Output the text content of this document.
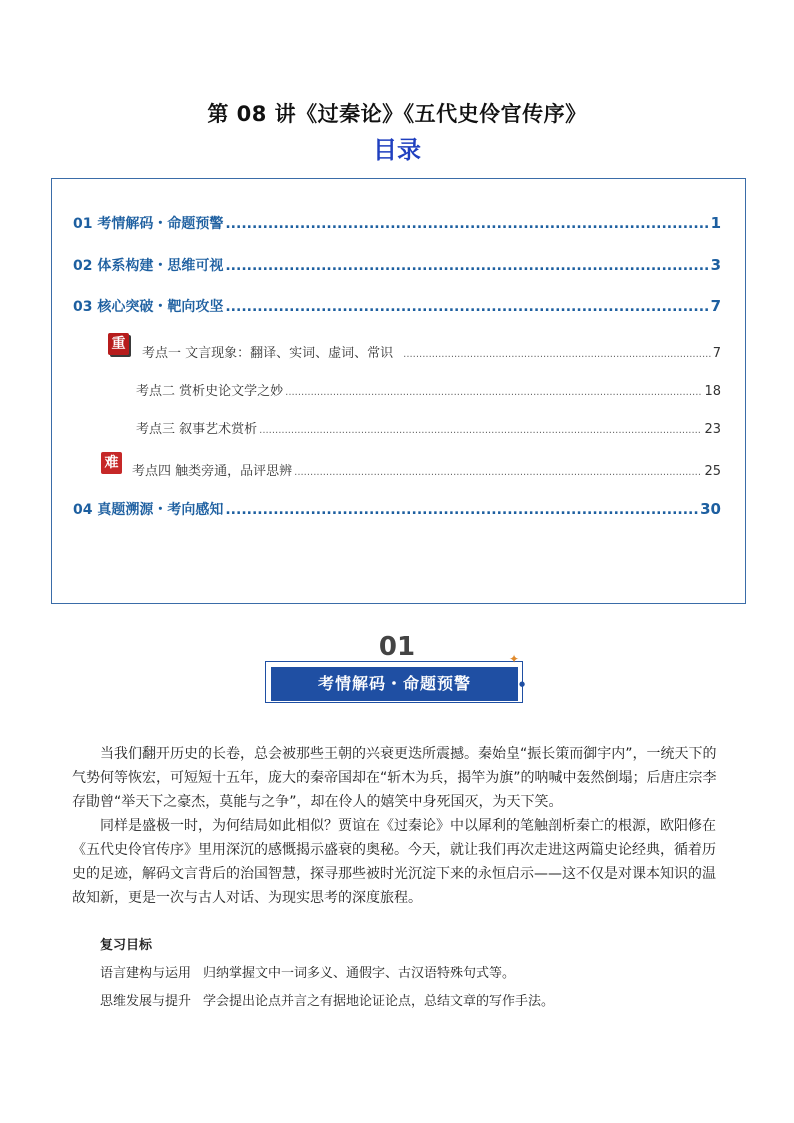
第 08 讲《过秦论》《五代史伶官传序》
目录
01 考情解码・命题预警 .....	1
02 体系构建・思维可视 .....	3
03 核心突破・靶向攻坚 .....	7
重
考点一 文言现象：翻译、实词、虚词、常识 .....	7
考点二 赏析史论文学之妙 .....	18
考点三 叙事艺术赏析 .....	23
难
考点四 触类旁通，品评思辨 .....	25
04 真题溯源・考向感知 .....	30
01
考情解码・命题预警
✦
●

当我们翻开历史的长卷，总会被那些王朝的兴衰更迭所震撼。秦始皇“振长策而御宇内”，一统天下的气势何等恢宏，可短短十五年，庞大的秦帝国却在“斩木为兵，揭竿为旗”的呐喊中轰然倒塌；后唐庄宗李存勖曾“举天下之豪杰，莫能与之争”，却在伶人的嬉笑中身死国灭，为天下笑。

同样是盛极一时，为何结局如此相似？贾谊在《过秦论》中以犀利的笔触剖析秦亡的根源，欧阳修在《五代史伶官传序》里用深沉的感慨揭示盛衰的奥秘。今天，就让我们再次走进这两篇史论经典，循着历史的足迹，解码文言背后的治国智慧，探寻那些被时光沉淀下来的永恒启示——这不仅是对课本知识的温故知新，更是一次与古人对话、为现实思考的深度旅程。

复习目标
语言建构与运用 归纳掌握文中一词多义、通假字、古汉语特殊句式等。
思维发展与提升 学会提出论点并言之有据地论证论点，总结文章的写作手法。
